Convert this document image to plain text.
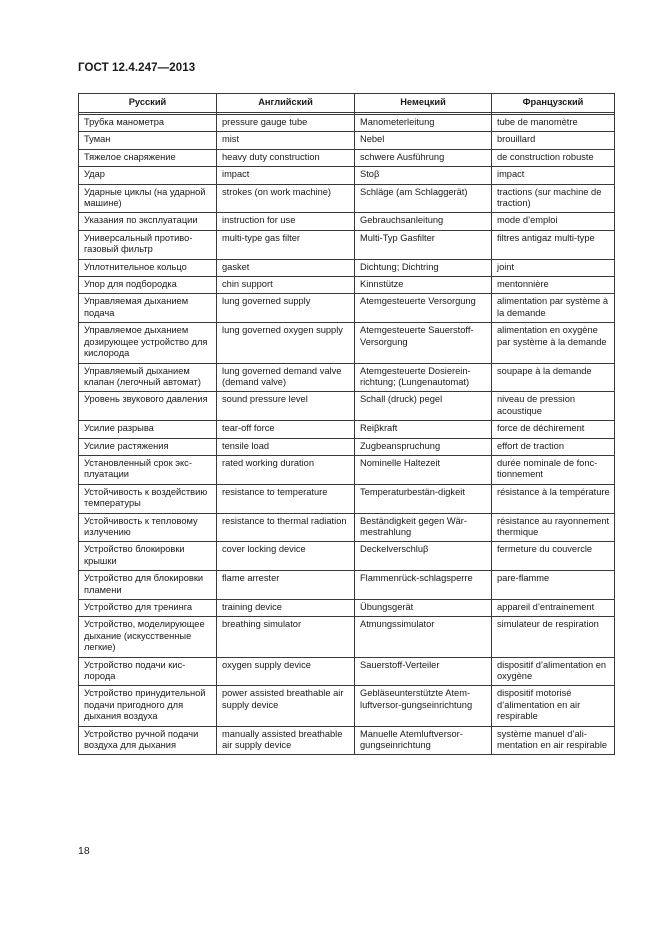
ГОСТ 12.4.247—2013
Русский	Английский	Немецкий	Французский

Трубка манометра	pressure gauge tube	Manometerleitung	tube de manomètre
Туман	mist	Nebel	brouillard
Тяжелое снаряжение	heavy duty construction	schwere Ausführung	de construction robuste
Удар	impact	Stoβ	impact
Ударные циклы (на ударной машине)	strokes (on work machine)	Schläge (am Schlaggerät)	tractions (sur machine de traction)
Указания по эксплуатации	instruction for use	Gebrauchsanleitung	mode d’emploi
Универсальный противогазовый фильтр	multi-type gas filter	Multi-Typ Gasfilter	filtres antigaz multi-type
Уплотнительное кольцо	gasket	Dichtung; Dichtring	joint
Упор для подбородка	chin support	Kinnstütze	mentonnière
Управляемая дыханием подача	lung governed supply	Atemgesteuerte Versorgung	alimentation par système à la demande
Управляемое дыханием дозирующее устройство для кислорода	lung governed oxygen supply	Atemgesteuerte Sauerstoff-Versorgung	alimentation en oxygène par système à la demande
Управляемый дыханием клапан (легочный автомат)	lung governed demand valve (demand valve)	Atemgesteuerte Dosiereinrichtung; (Lungenautomat)	soupape à la demande
Уровень звукового давления	sound pressure level	Schall (druck) pegel	niveau de pression acoustique
Усилие разрыва	tear-off force	Reiβkraft	force de déchirement
Усилие растяжения	tensile load	Zugbeanspruchung	effort de traction
Установленный срок эксплуатации	rated working duration	Nominelle Haltezeit	durée nominale de fonctionnement
Устойчивость к воздействию температуры	resistance to temperature	Temperaturbestän-digkeit	résistance à la température
Устойчивость к тепловому излучению	resistance to thermal radiation	Beständigkeit gegen Wärmestrahlung	résistance au rayonnement thermique
Устройство блокировки крышки	cover locking device	Deckelverschluβ	fermeture du couvercle
Устройство для блокировки пламени	flame arrester	Flammenrück-schlagsperre	pare-flamme
Устройство для тренинга	training device	Übungsgerät	appareil d’entrainement
Устройство, моделирующее дыхание (искусственные легкие)	breathing simulator	Atmungssimulator	simulateur de respiration
Устройство подачи кислорода	oxygen supply device	Sauerstoff-Verteiler	dispositif d’alimentation en oxygène
Устройство принудительной подачи пригодного для дыхания воздуха	power assisted breathable air supply device	Gebläseunterstützte Atemluftversor-gungseinrichtung	dispositif motorisé d’alimentation en air respirable
Устройство ручной подачи воздуха для дыхания	manually assisted breathable air supply device	Manuelle Atemluftversorgungseinrichtung	système manuel d’alimentation en air respirable
18
